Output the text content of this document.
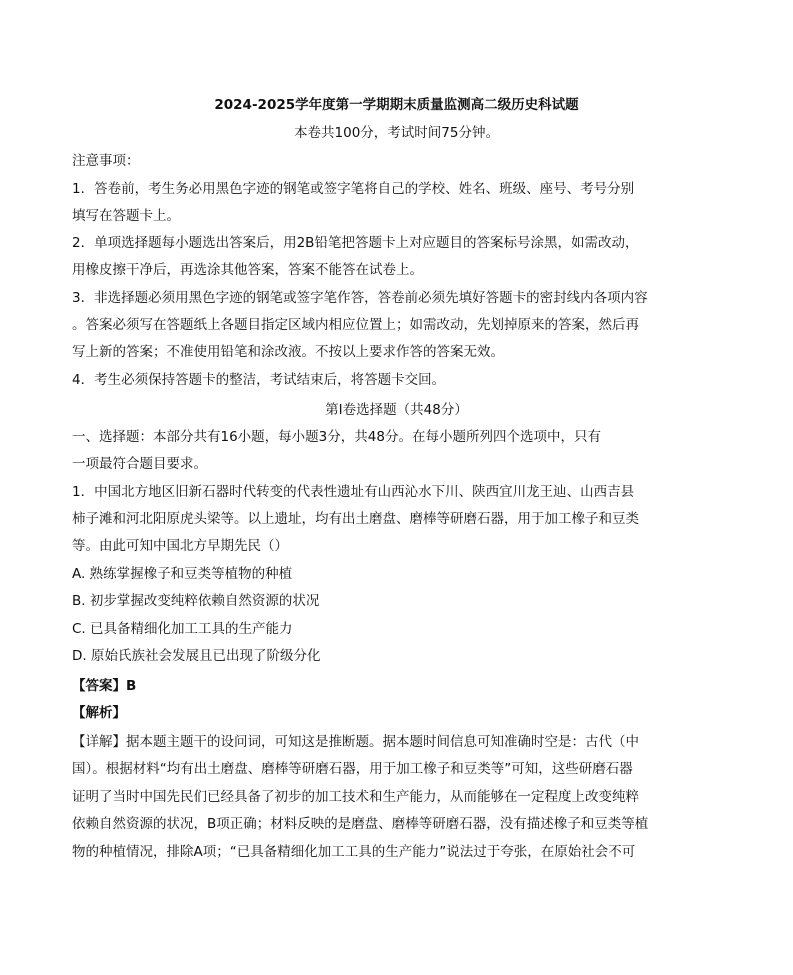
2024-2025学年度第一学期期末质量监测高二级历史科试题
本卷共100分，考试时间75分钟。
注意事项：
1．答卷前，考生务必用黑色字迹的钢笔或签字笔将自己的学校、姓名、班级、座号、考号分别
填写在答题卡上。
2．单项选择题每小题选出答案后，用2B铅笔把答题卡上对应题目的答案标号涂黑，如需改动，
用橡皮擦干净后，再选涂其他答案，答案不能答在试卷上。
3．非选择题必须用黑色字迹的钢笔或签字笔作答，答卷前必须先填好答题卡的密封线内各项内容
。答案必须写在答题纸上各题目指定区域内相应位置上；如需改动，先划掉原来的答案，然后再
写上新的答案；不准使用铅笔和涂改液。不按以上要求作答的答案无效。
4．考生必须保持答题卡的整洁，考试结束后，将答题卡交回。
第Ⅰ卷选择题（共48分）
一、选择题：本部分共有16小题，每小题3分，共48分。在每小题所列四个选项中，只有
一项最符合题目要求。
1．中国北方地区旧新石器时代转变的代表性遗址有山西沁水下川、陕西宜川龙王辿、山西吉县
柿子滩和河北阳原虎头梁等。以上遗址，均有出土磨盘、磨棒等研磨石器，用于加工橡子和豆类
等。由此可知中国北方早期先民（）
A. 熟练掌握橡子和豆类等植物的种植
B. 初步掌握改变纯粹依赖自然资源的状况
C. 已具备精细化加工工具的生产能力
D. 原始氏族社会发展且已出现了阶级分化
【答案】B
【解析】
【详解】据本题主题干的设问词，可知这是推断题。据本题时间信息可知准确时空是：古代（中
国）。根据材料“均有出土磨盘、磨棒等研磨石器，用于加工橡子和豆类等”可知，这些研磨石器
证明了当时中国先民们已经具备了初步的加工技术和生产能力，从而能够在一定程度上改变纯粹
依赖自然资源的状况，B项正确；材料反映的是磨盘、磨棒等研磨石器，没有描述橡子和豆类等植
物的种植情况，排除A项；“已具备精细化加工工具的生产能力”说法过于夸张，在原始社会不可
